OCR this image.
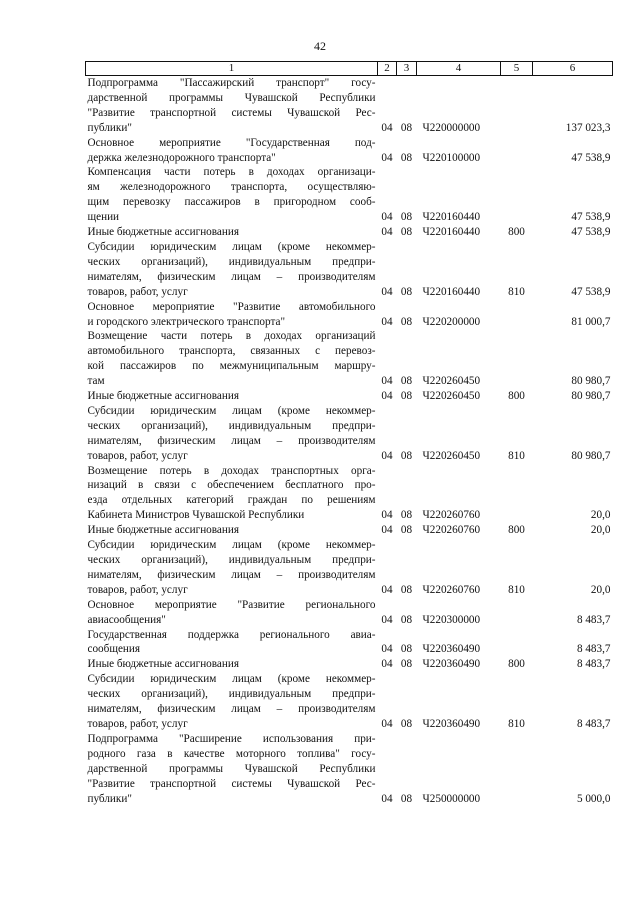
42
1	2	3	4	5	6

Подпрограмма "Пассажирский транспорт" госу-
дарственной программы Чувашской Республики
"Развитие транспортной системы Чувашской Рес-
публики"	04	08	Ч220000000		137 023,3

Основное мероприятие "Государственная под-
держка железнодорожного транспорта"	04	08	Ч220100000		47 538,9

Компенсация части потерь в доходах организаци-
ям железнодорожного транспорта, осуществляю-
щим перевозку пассажиров в пригородном сооб-
щении	04	08	Ч220160440		47 538,9

Иные бюджетные ассигнования	04	08	Ч220160440	800	47 538,9

Субсидии юридическим лицам (кроме некоммер-
ческих организаций), индивидуальным предпри-
нимателям, физическим лицам – производителям
товаров, работ, услуг	04	08	Ч220160440	810	47 538,9

Основное мероприятие "Развитие автомобильного
и городского электрического транспорта"	04	08	Ч220200000		81 000,7

Возмещение части потерь в доходах организаций
автомобильного транспорта, связанных с перевоз-
кой пассажиров по межмуниципальным маршру-
там	04	08	Ч220260450		80 980,7

Иные бюджетные ассигнования	04	08	Ч220260450	800	80 980,7

Субсидии юридическим лицам (кроме некоммер-
ческих организаций), индивидуальным предпри-
нимателям, физическим лицам – производителям
товаров, работ, услуг	04	08	Ч220260450	810	80 980,7

Возмещение потерь в доходах транспортных орга-
низаций в связи с обеспечением бесплатного про-
езда отдельных категорий граждан по решениям
Кабинета Министров Чувашской Республики	04	08	Ч220260760		20,0

Иные бюджетные ассигнования	04	08	Ч220260760	800	20,0

Субсидии юридическим лицам (кроме некоммер-
ческих организаций), индивидуальным предпри-
нимателям, физическим лицам – производителям
товаров, работ, услуг	04	08	Ч220260760	810	20,0

Основное мероприятие "Развитие регионального
авиасообщения"	04	08	Ч220300000		8 483,7

Государственная поддержка регионального авиа-
сообщения	04	08	Ч220360490		8 483,7

Иные бюджетные ассигнования	04	08	Ч220360490	800	8 483,7

Субсидии юридическим лицам (кроме некоммер-
ческих организаций), индивидуальным предпри-
нимателям, физическим лицам – производителям
товаров, работ, услуг	04	08	Ч220360490	810	8 483,7

Подпрограмма "Расширение использования при-
родного газа в качестве моторного топлива" госу-
дарственной программы Чувашской Республики
"Развитие транспортной системы Чувашской Рес-
публики"	04	08	Ч250000000		5 000,0
